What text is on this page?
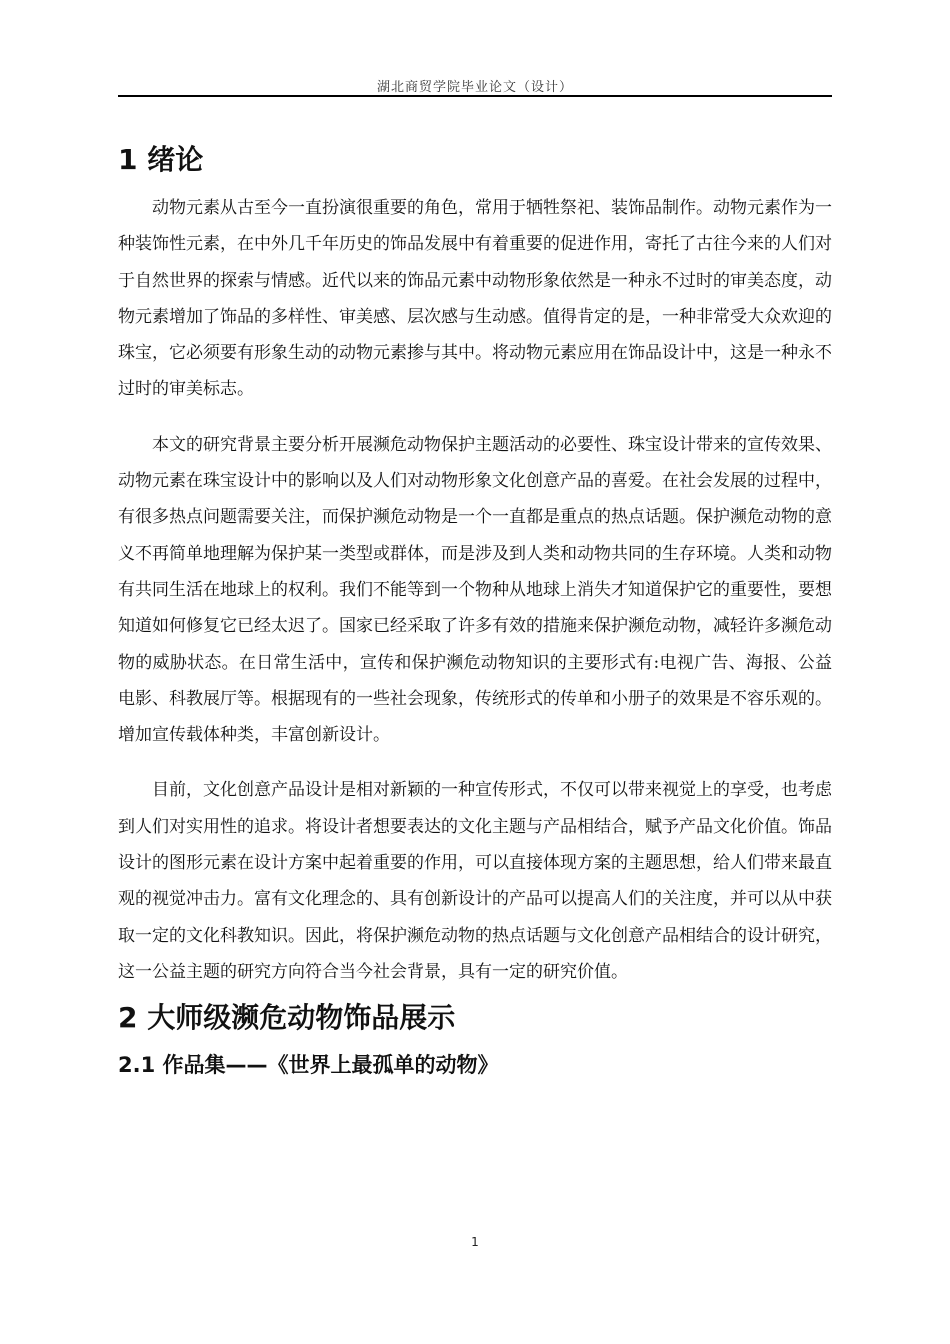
湖北商贸学院毕业论文（设计）
1 绪论

动物元素从古至今一直扮演很重要的角色，常用于牺牲祭祀、装饰品制作。动物元素作为一种装饰性元素，在中外几千年历史的饰品发展中有着重要的促进作用，寄托了古往今来的人们对于自然世界的探索与情感。近代以来的饰品元素中动物形象依然是一种永不过时的审美态度，动物元素增加了饰品的多样性、审美感、层次感与生动感。值得肯定的是，一种非常受大众欢迎的珠宝，它必须要有形象生动的动物元素掺与其中。将动物元素应用在饰品设计中，这是一种永不过时的审美标志。

本文的研究背景主要分析开展濒危动物保护主题活动的必要性、珠宝设计带来的宣传效果、动物元素在珠宝设计中的影响以及人们对动物形象文化创意产品的喜爱。在社会发展的过程中，有很多热点问题需要关注，而保护濒危动物是一个一直都是重点的热点话题。保护濒危动物的意义不再简单地理解为保护某一类型或群体，而是涉及到人类和动物共同的生存环境。人类和动物有共同生活在地球上的权利。我们不能等到一个物种从地球上消失才知道保护它的重要性，要想知道如何修复它已经太迟了。国家已经采取了许多有效的措施来保护濒危动物，减轻许多濒危动物的威胁状态。在日常生活中，宣传和保护濒危动物知识的主要形式有:电视广告、海报、公益电影、科教展厅等。根据现有的一些社会现象，传统形式的传单和小册子的效果是不容乐观的。增加宣传载体种类，丰富创新设计。

目前，文化创意产品设计是相对新颖的一种宣传形式，不仅可以带来视觉上的享受，也考虑到人们对实用性的追求。将设计者想要表达的文化主题与产品相结合，赋予产品文化价值。饰品设计的图形元素在设计方案中起着重要的作用，可以直接体现方案的主题思想，给人们带来最直观的视觉冲击力。富有文化理念的、具有创新设计的产品可以提高人们的关注度，并可以从中获取一定的文化科教知识。因此，将保护濒危动物的热点话题与文化创意产品相结合的设计研究，这一公益主题的研究方向符合当今社会背景，具有一定的研究价值。

2 大师级濒危动物饰品展示
2.1 作品集——《世界上最孤单的动物》
1
